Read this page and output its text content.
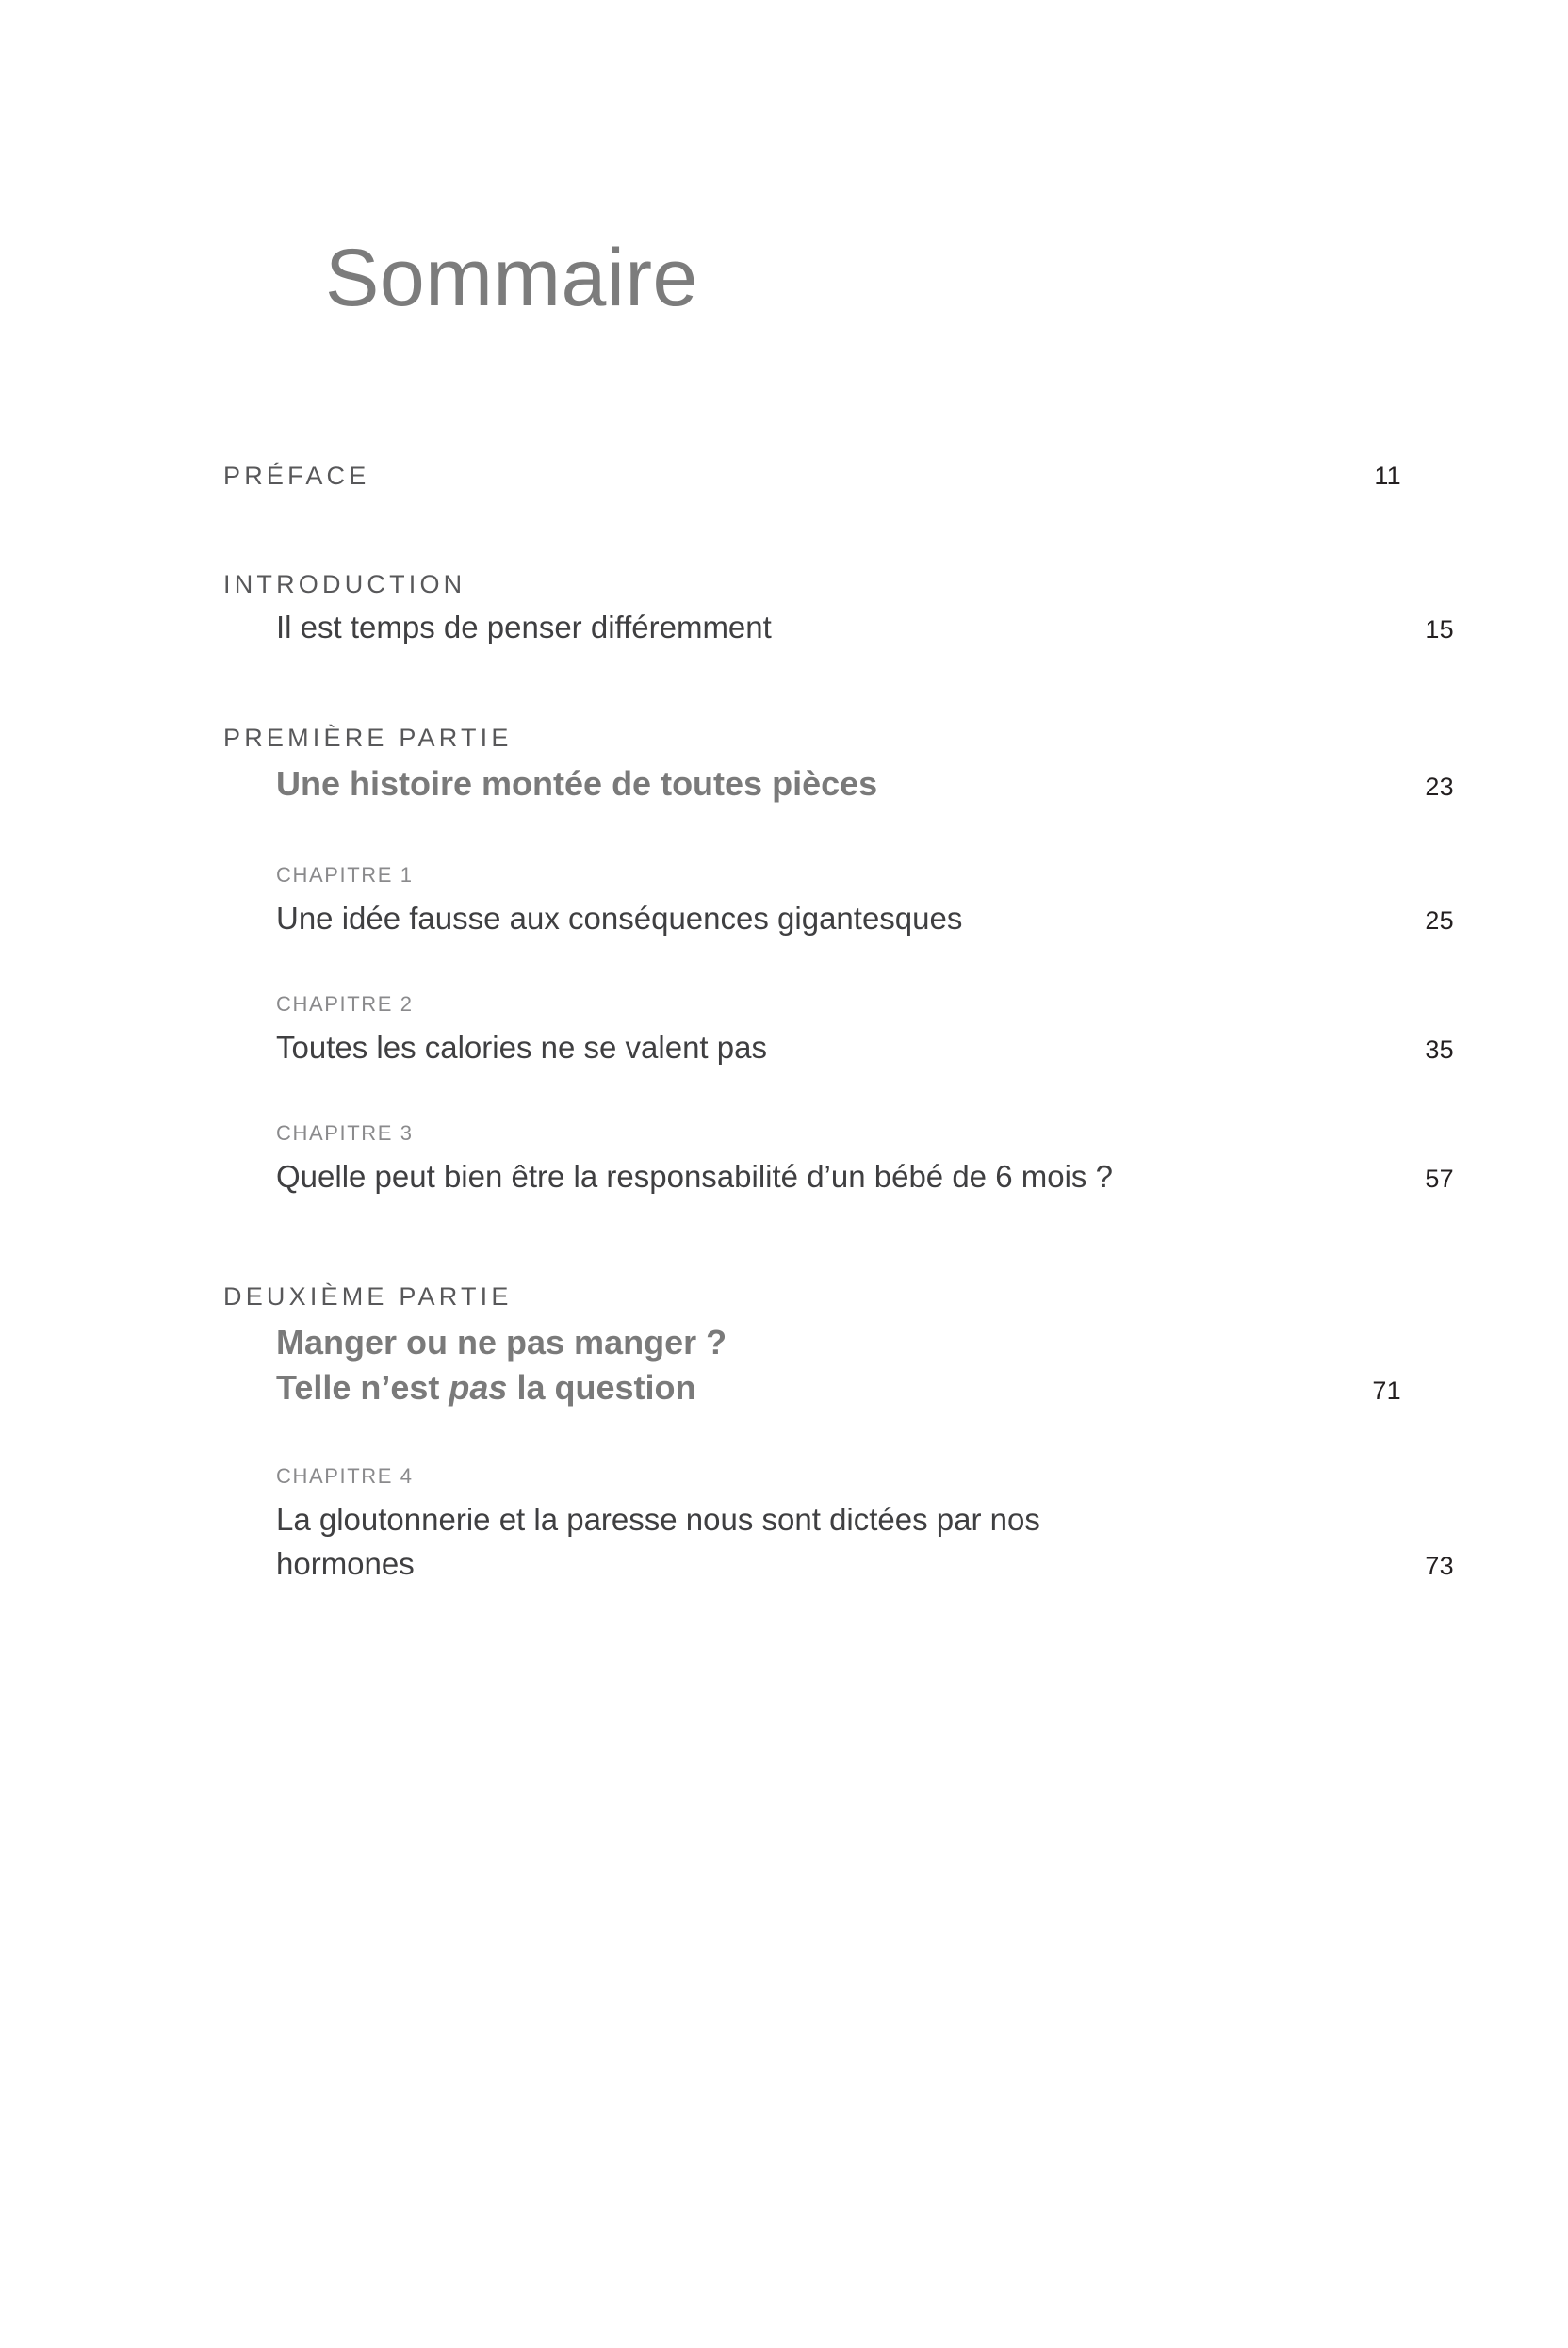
Sommaire
PRÉFACE	11
INTRODUCTION
Il est temps de penser différemment	15
PREMIÈRE PARTIE
Une histoire montée de toutes pièces	23
CHAPITRE 1
Une idée fausse aux conséquences gigantesques	25
CHAPITRE 2
Toutes les calories ne se valent pas	35
CHAPITRE 3
Quelle peut bien être la responsabilité d’un bébé de 6 mois ?	57
DEUXIÈME PARTIE
Manger ou ne pas manger ?
Telle n’est pas la question	71
CHAPITRE 4
La gloutonnerie et la paresse nous sont dictées par nos
hormones	73
